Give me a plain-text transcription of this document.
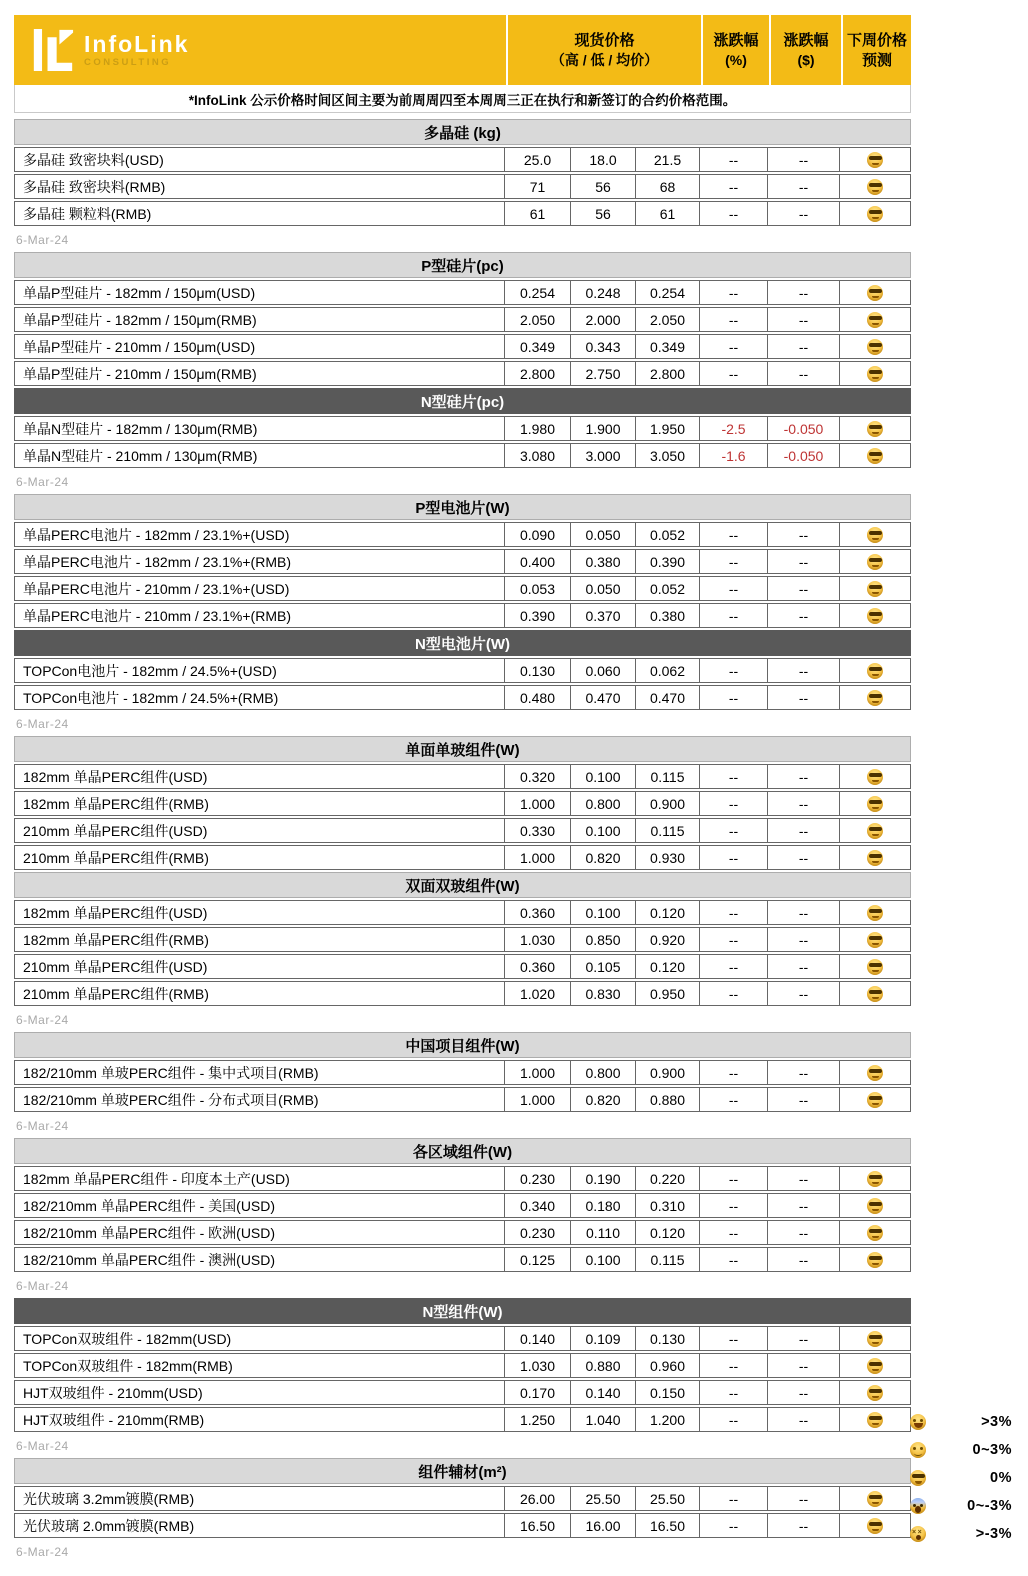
InfoLink
CONSULTING
现货价格
（高 / 低 / 均价）
涨跌幅
(%)
涨跌幅
($)
下周价格
预测
*InfoLink 公示价格时间区间主要为前周周四至本周周三正在执行和新签订的合约价格范围。
多晶硅 (kg)
多晶硅 致密块料(USD)	25.0	18.0	21.5	--	--
多晶硅 致密块料(RMB)	71	56	68	--	--
多晶硅 颗粒料(RMB)	61	56	61	--	--
6-Mar-24
P型硅片(pc)
单晶P型硅片 - 182mm / 150μm(USD)	0.254	0.248	0.254	--	--
单晶P型硅片 - 182mm / 150μm(RMB)	2.050	2.000	2.050	--	--
单晶P型硅片 - 210mm / 150μm(USD)	0.349	0.343	0.349	--	--
单晶P型硅片 - 210mm / 150μm(RMB)	2.800	2.750	2.800	--	--
N型硅片(pc)
单晶N型硅片 - 182mm / 130μm(RMB)	1.980	1.900	1.950	-2.5	-0.050
单晶N型硅片 - 210mm / 130μm(RMB)	3.080	3.000	3.050	-1.6	-0.050
6-Mar-24
P型电池片(W)
单晶PERC电池片 - 182mm / 23.1%+(USD)	0.090	0.050	0.052	--	--
单晶PERC电池片 - 182mm / 23.1%+(RMB)	0.400	0.380	0.390	--	--
单晶PERC电池片 - 210mm / 23.1%+(USD)	0.053	0.050	0.052	--	--
单晶PERC电池片 - 210mm / 23.1%+(RMB)	0.390	0.370	0.380	--	--
N型电池片(W)
TOPCon电池片 - 182mm / 24.5%+(USD)	0.130	0.060	0.062	--	--
TOPCon电池片 - 182mm / 24.5%+(RMB)	0.480	0.470	0.470	--	--
6-Mar-24
单面单玻组件(W)
182mm 单晶PERC组件(USD)	0.320	0.100	0.115	--	--
182mm 单晶PERC组件(RMB)	1.000	0.800	0.900	--	--
210mm 单晶PERC组件(USD)	0.330	0.100	0.115	--	--
210mm 单晶PERC组件(RMB)	1.000	0.820	0.930	--	--
双面双玻组件(W)
182mm 单晶PERC组件(USD)	0.360	0.100	0.120	--	--
182mm 单晶PERC组件(RMB)	1.030	0.850	0.920	--	--
210mm 单晶PERC组件(USD)	0.360	0.105	0.120	--	--
210mm 单晶PERC组件(RMB)	1.020	0.830	0.950	--	--
6-Mar-24
中国项目组件(W)
182/210mm 单玻PERC组件 - 集中式项目(RMB)	1.000	0.800	0.900	--	--
182/210mm 单玻PERC组件 - 分布式项目(RMB)	1.000	0.820	0.880	--	--
6-Mar-24
各区域组件(W)
182mm 单晶PERC组件 - 印度本土产(USD)	0.230	0.190	0.220	--	--
182/210mm 单晶PERC组件 - 美国(USD)	0.340	0.180	0.310	--	--
182/210mm 单晶PERC组件 - 欧洲(USD)	0.230	0.110	0.120	--	--
182/210mm 单晶PERC组件 - 澳洲(USD)	0.125	0.100	0.115	--	--
6-Mar-24
N型组件(W)
TOPCon双玻组件 - 182mm(USD)	0.140	0.109	0.130	--	--
TOPCon双玻组件 - 182mm(RMB)	1.030	0.880	0.960	--	--
HJT双玻组件 - 210mm(USD)	0.170	0.140	0.150	--	--
HJT双玻组件 - 210mm(RMB)	1.250	1.040	1.200	--	--
6-Mar-24
组件辅材(m²)
光伏玻璃 3.2mm镀膜(RMB)	26.00	25.50	25.50	--	--
光伏玻璃 2.0mm镀膜(RMB)	16.50	16.00	16.50	--	--
6-Mar-24
>3%
0~3%
0%
0~-3%
××
>-3%
